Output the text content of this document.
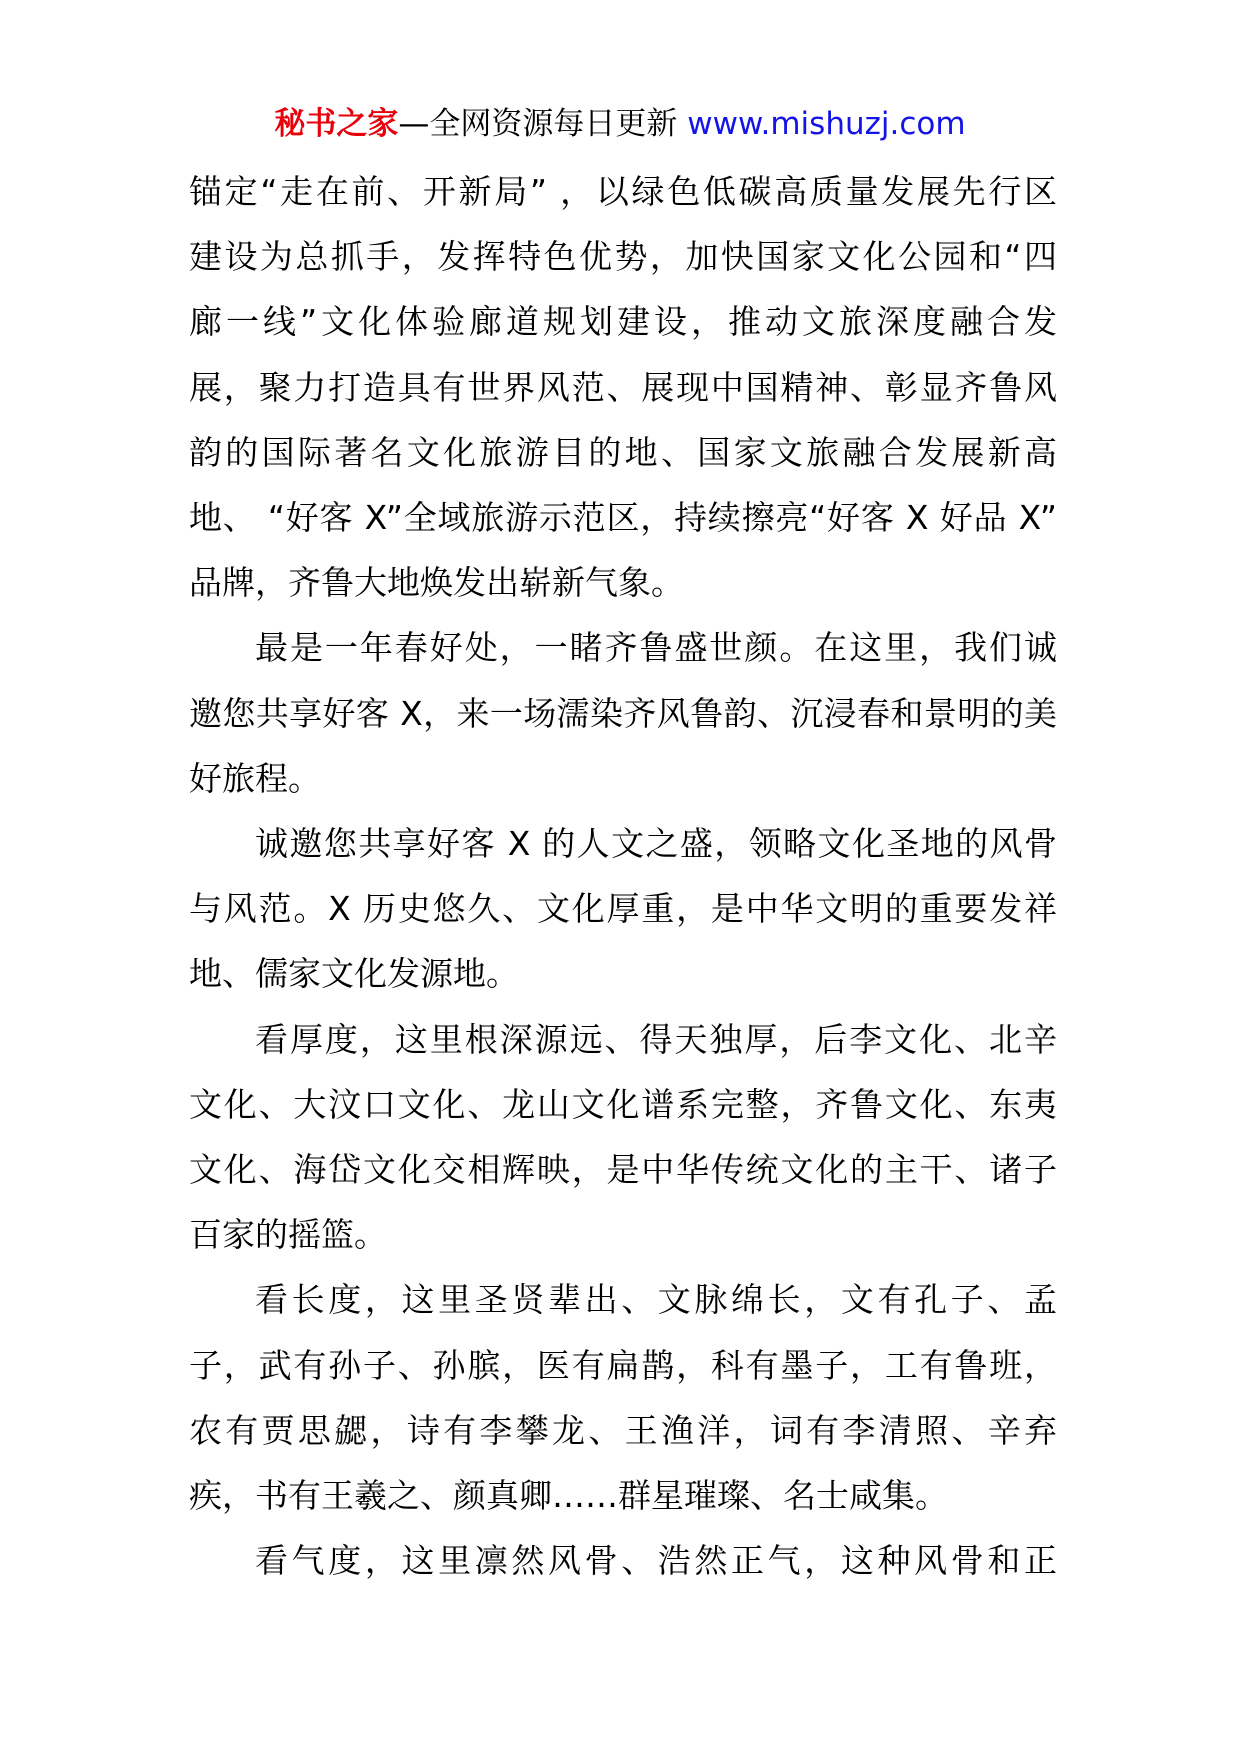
秘书之家—全网资源每日更新 www.mishuzj.com
锚定“走在前、开新局” ，以绿色低碳高质量发展先行区
建设为总抓手，发挥特色优势，加快国家文化公园和“四
廊一线”文化体验廊道规划建设，推动文旅深度融合发
展，聚力打造具有世界风范、展现中国精神、彰显齐鲁风
韵的国际著名文化旅游目的地、国家文旅融合发展新高
地、 “好客 X”全域旅游示范区，持续擦亮“好客 X 好品 X”
品牌，齐鲁大地焕发出崭新气象。
最是一年春好处，一睹齐鲁盛世颜。在这里，我们诚
邀您共享好客 X，来一场濡染齐风鲁韵、沉浸春和景明的美
好旅程。
诚邀您共享好客 X 的人文之盛，领略文化圣地的风骨
与风范。X 历史悠久、文化厚重，是中华文明的重要发祥
地、儒家文化发源地。
看厚度，这里根深源远、得天独厚，后李文化、北辛
文化、大汶口文化、龙山文化谱系完整，齐鲁文化、东夷
文化、海岱文化交相辉映，是中华传统文化的主干、诸子
百家的摇篮。
看长度，这里圣贤辈出、文脉绵长，文有孔子、孟
子，武有孙子、孙膑，医有扁鹊，科有墨子，工有鲁班，
农有贾思勰，诗有李攀龙、王渔洋，词有李清照、辛弃
疾，书有王羲之、颜真卿……群星璀璨、名士咸集。
看气度，这里凛然风骨、浩然正气，这种风骨和正
